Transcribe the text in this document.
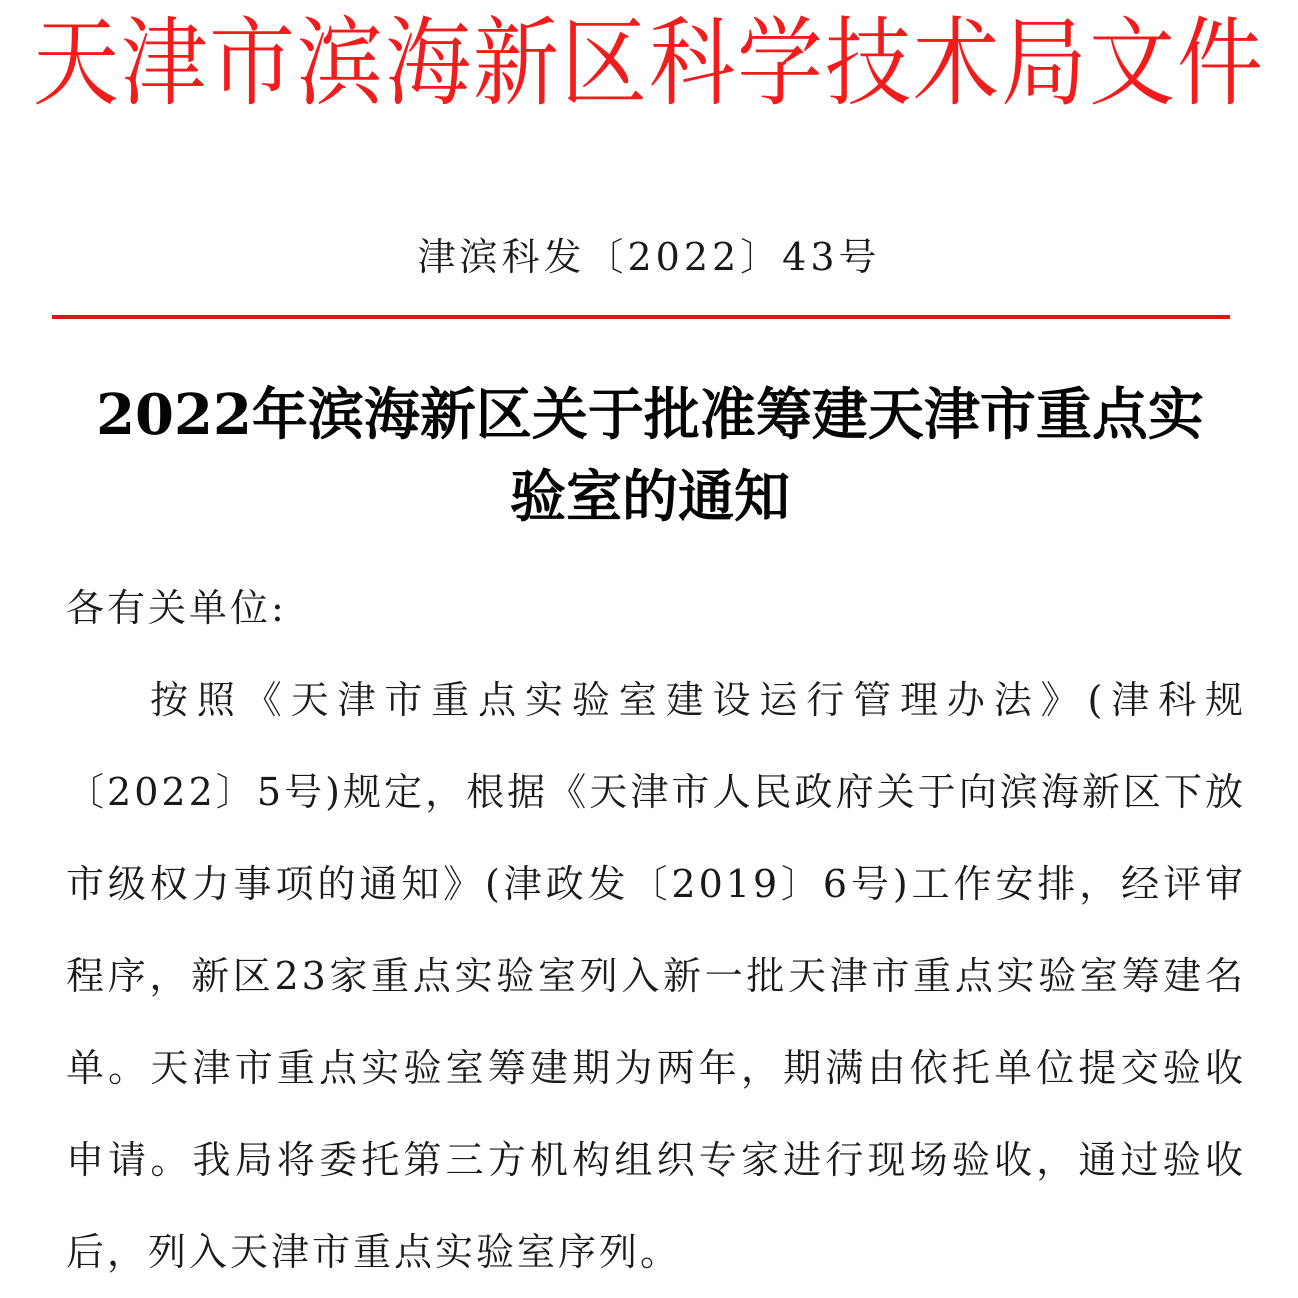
天津市滨海新区科学技术局文件
津滨科发〔2022〕43号
2022年滨海新区关于批准筹建天津市重点实验室的通知

各有关单位:

按照《天津市重点实验室建设运行管理办法》(津科规〔2022〕5号)规定，根据《天津市人民政府关于向滨海新区下放市级权力事项的通知》(津政发〔2019〕6号)工作安排，经评审程序，新区23家重点实验室列入新一批天津市重点实验室筹建名单。天津市重点实验室筹建期为两年，期满由依托单位提交验收申请。我局将委托第三方机构组织专家进行现场验收，通过验收后，列入天津市重点实验室序列。
